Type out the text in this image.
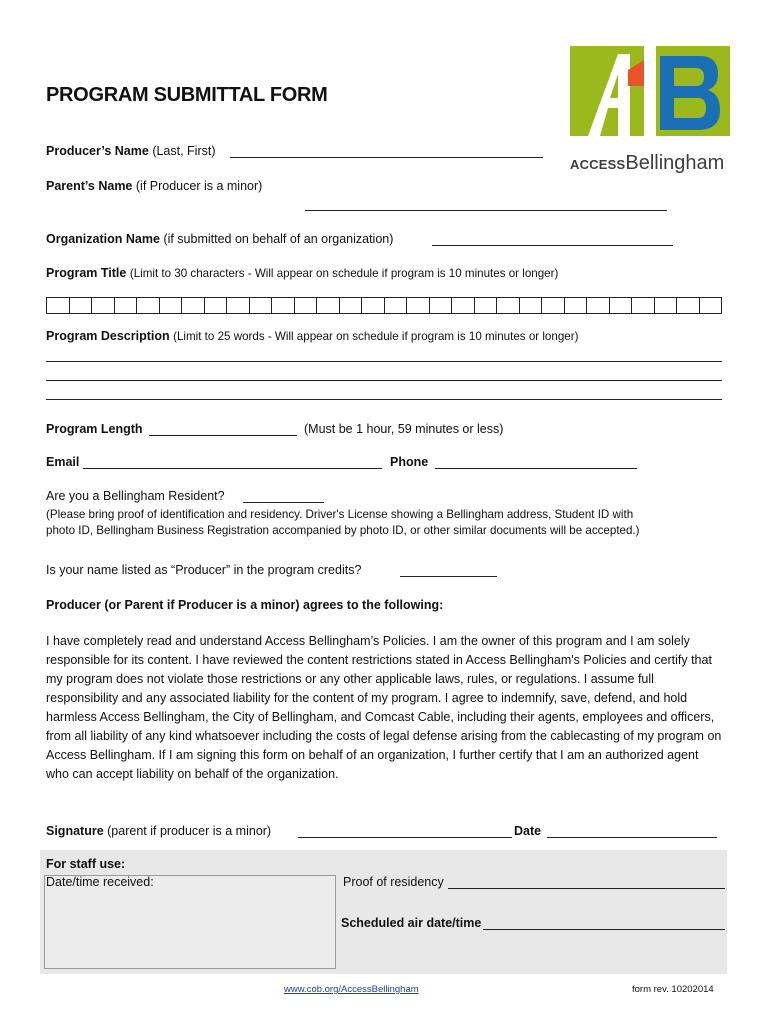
ACCESSBellingham
PROGRAM SUBMITTAL FORM
Producer’s Name (Last, First)
Parent’s Name (if Producer is a minor)
Organization Name (if submitted on behalf of an organization)
Program Title (Limit to 30 characters - Will appear on schedule if program is 10 minutes or longer)
Program Description (Limit to 25 words - Will appear on schedule if program is 10 minutes or longer)
Program Length	(Must be 1 hour, 59 minutes or less)
Email	Phone
Are you a Bellingham Resident?
(Please bring proof of identification and residency. Driver's License showing a Bellingham address, Student ID with
photo ID, Bellingham Business Registration accompanied by photo ID, or other similar documents will be accepted.)
Is your name listed as “Producer” in the program credits?
Producer (or Parent if Producer is a minor) agrees to the following:
I have completely read and understand Access Bellingham’s Policies. I am the owner of this program and I am solely responsible for its content. I have reviewed the content restrictions stated in Access Bellingham's Policies and certify that my program does not violate those restrictions or any other applicable laws, rules, or regulations. I assume full responsibility and any associated liability for the content of my program. I agree to indemnify, save, defend, and hold harmless Access Bellingham, the City of Bellingham, and Comcast Cable, including their agents, employees and officers, from all liability of any kind whatsoever including the costs of legal defense arising from the cablecasting of my program on Access Bellingham. If I am signing this form on behalf of an organization, I further certify that I am an authorized agent who can accept liability on behalf of the organization.
Signature (parent if producer is a minor)	Date
For staff use:
Date/time received:	Proof of residency
Scheduled air date/time
www.cob.org/AccessBellingham	form rev. 10202014
